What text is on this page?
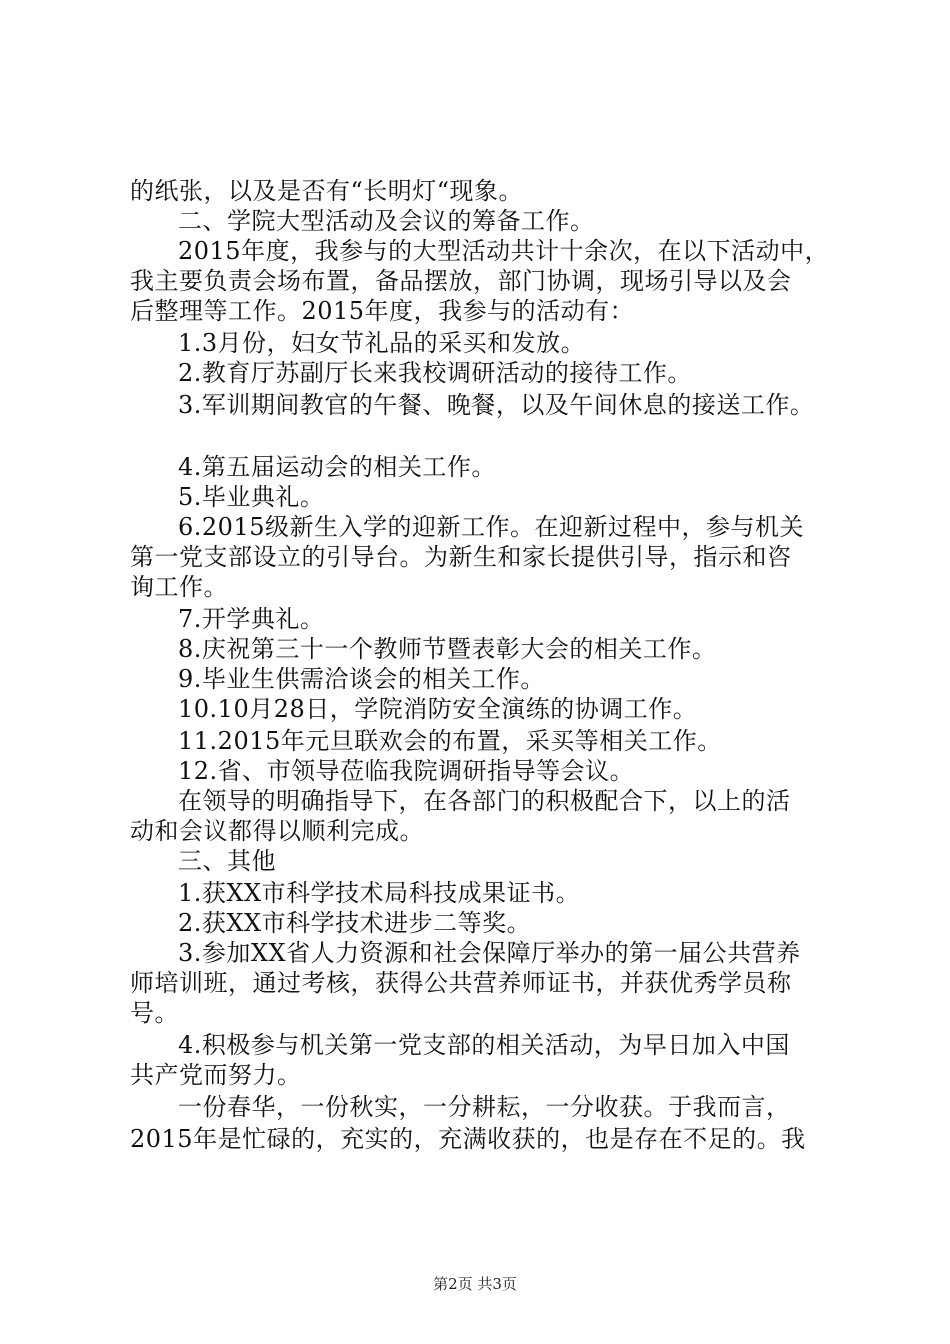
的纸张，以及是否有“长明灯“现象。
二、学院大型活动及会议的筹备工作。
2015年度，我参与的大型活动共计十余次，在以下活动中，
我主要负责会场布置，备品摆放，部门协调，现场引导以及会
后整理等工作。2015年度，我参与的活动有：
1.3月份，妇女节礼品的采买和发放。
2.教育厅苏副厅长来我校调研活动的接待工作。
3.军训期间教官的午餐、晚餐，以及午间休息的接送工作。
4.第五届运动会的相关工作。
5.毕业典礼。
6.2015级新生入学的迎新工作。在迎新过程中，参与机关
第一党支部设立的引导台。为新生和家长提供引导，指示和咨
询工作。
7.开学典礼。
8.庆祝第三十一个教师节暨表彰大会的相关工作。
9.毕业生供需洽谈会的相关工作。
10.10月28日，学院消防安全演练的协调工作。
11.2015年元旦联欢会的布置，采买等相关工作。
12.省、市领导莅临我院调研指导等会议。
在领导的明确指导下，在各部门的积极配合下，以上的活
动和会议都得以顺利完成。
三、其他
1.获XX市科学技术局科技成果证书。
2.获XX市科学技术进步二等奖。
3.参加XX省人力资源和社会保障厅举办的第一届公共营养
师培训班，通过考核，获得公共营养师证书，并获优秀学员称
号。
4.积极参与机关第一党支部的相关活动，为早日加入中国
共产党而努力。
一份春华，一份秋实，一分耕耘，一分收获。于我而言，
2015年是忙碌的，充实的，充满收获的，也是存在不足的。我
第2页 共3页
